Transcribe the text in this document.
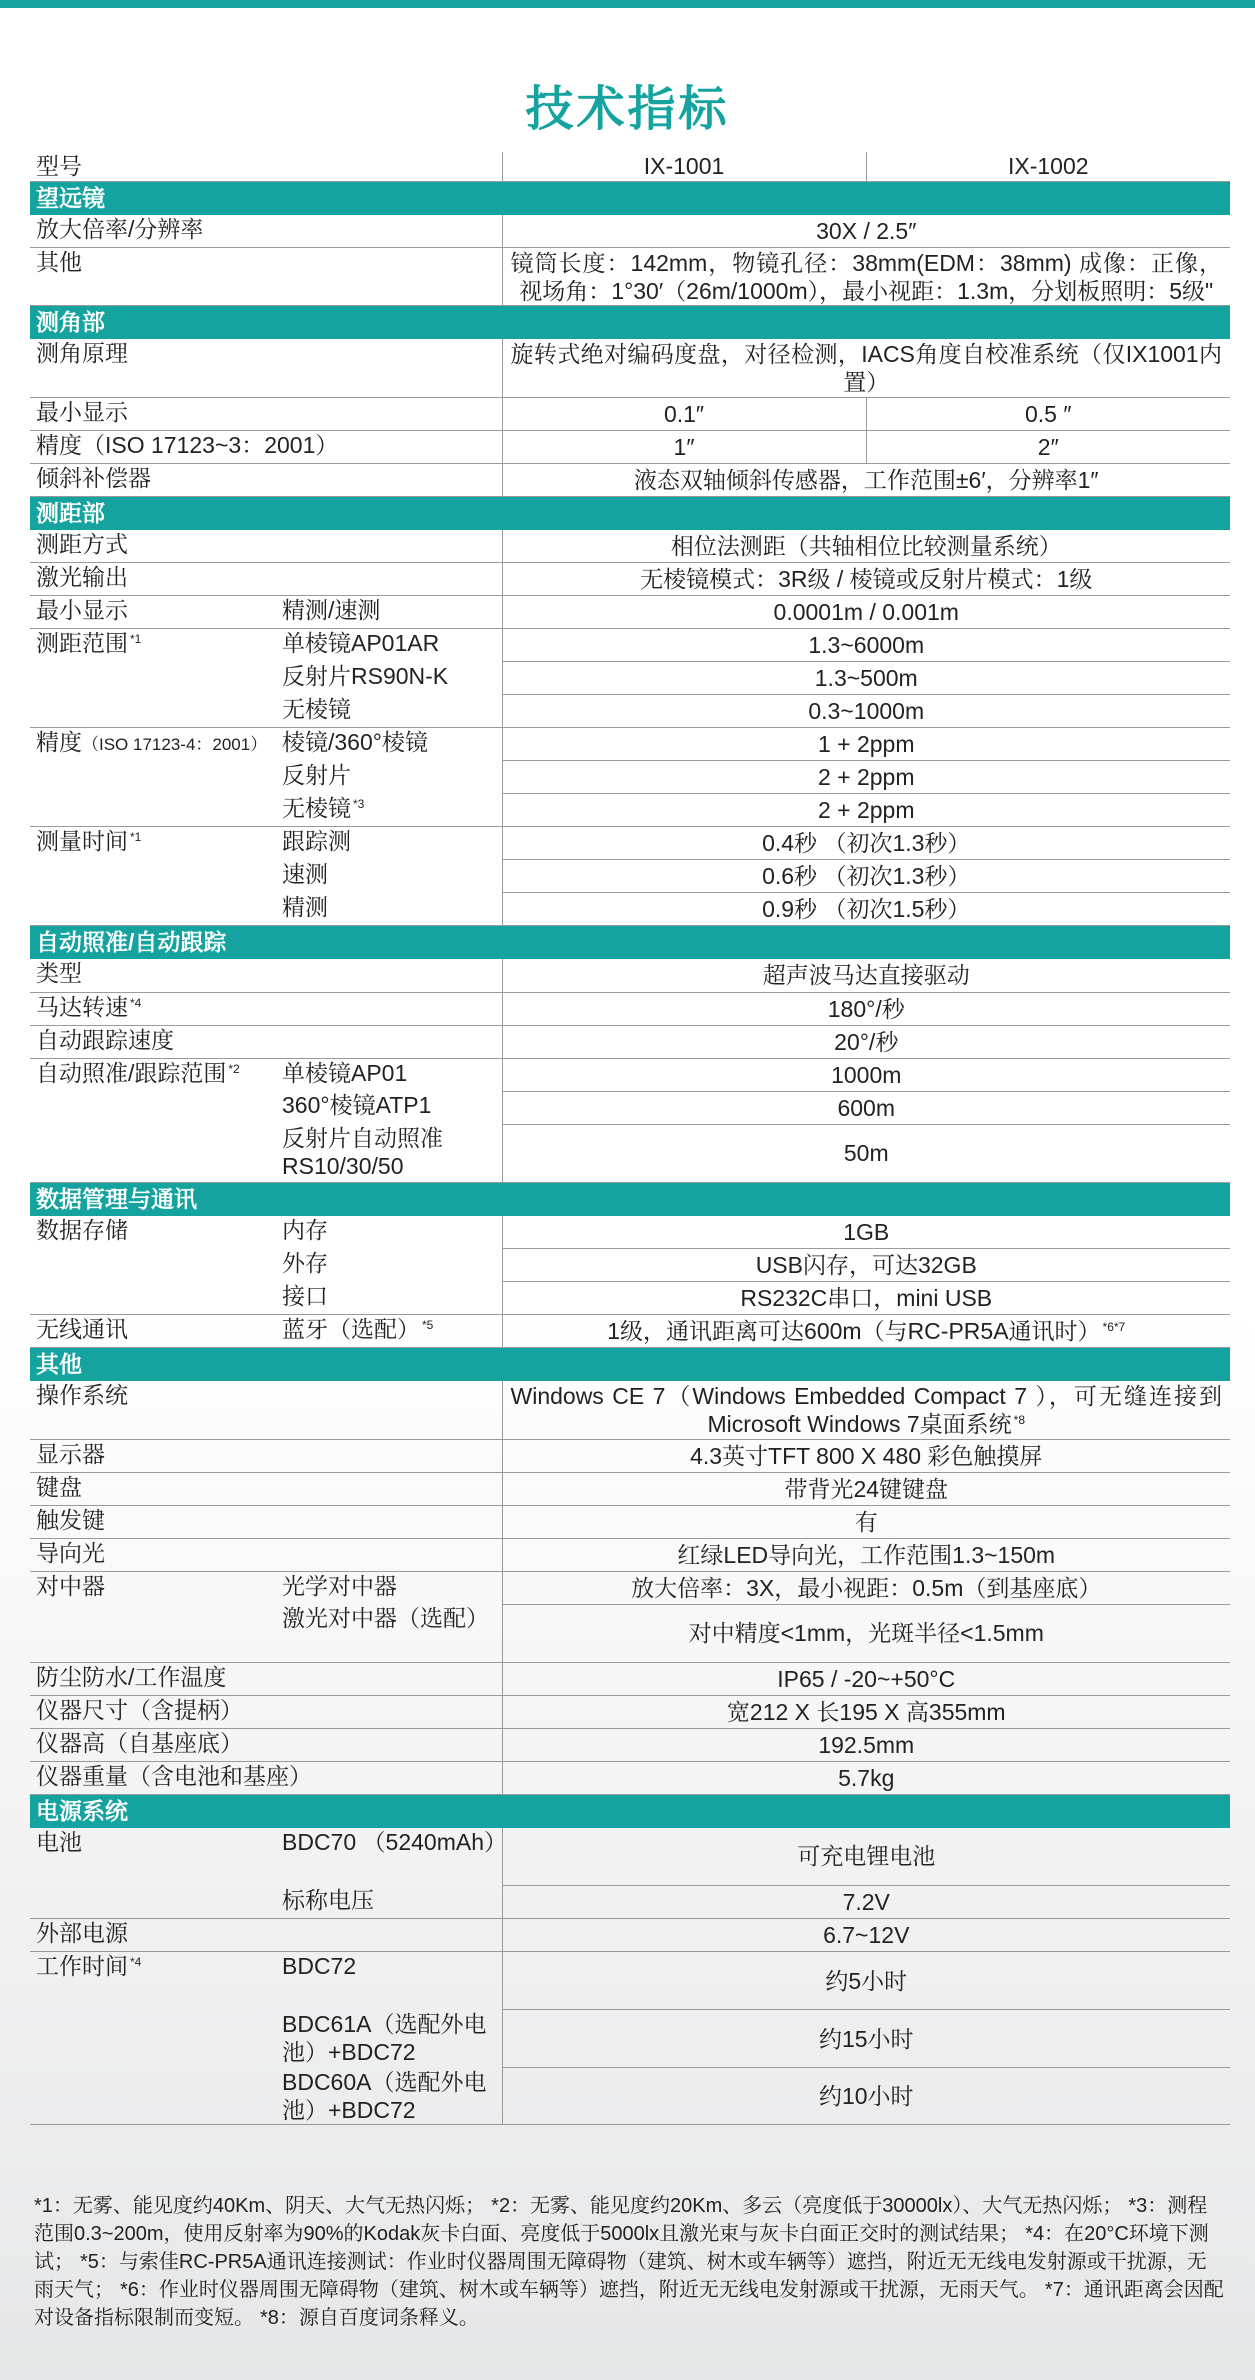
技术指标
型号		IX-1001	IX-1002
望远镜			
放大倍率/分辨率		30X / 2.5″	
其他		镜筒长度：142mm，物镜孔径：38mm(EDM：38mm) 成像：正像，视场角：1°30′（26m/1000m），最小视距：1.3m，分划板照明：5级"	
测角部			
测角原理		旋转式绝对编码度盘，对径检测，IACS角度自校准系统（仅IX1001内置）	
最小显示		0.1″	0.5 ″
精度（ISO 17123~3：2001）		1″	2″
倾斜补偿器		液态双轴倾斜传感器，工作范围±6′，分辨率1″	
测距部			
测距方式		相位法测距（共轴相位比较测量系统）	
激光输出		无棱镜模式：3R级 / 棱镜或反射片模式：1级	
最小显示	精测/速测	0.0001m / 0.001m	
测距范围 $^{*1}$	单棱镜AP01AR	1.3~6000m	
	反射片RS90N-K	1.3~500m	
	无棱镜	0.3~1000m	
精度（ISO 17123-4：2001）	棱镜/360°棱镜	1 + 2ppm	
	反射片	2 + 2ppm	
	无棱镜 $^{*3}$	2 + 2ppm	
测量时间 $^{*1}$	跟踪测	0.4秒 （初次1.3秒）	
	速测	0.6秒 （初次1.3秒）	
	精测	0.9秒 （初次1.5秒）	
自动照准/自动跟踪			
类型		超声波马达直接驱动	
马达转速 $^{*4}$		180°/秒	
自动跟踪速度		20°/秒	
自动照准/跟踪范围 $^{*2}$	单棱镜AP01	1000m	
	360°棱镜ATP1	600m	
	反射片自动照准RS10/30/50	50m	
数据管理与通讯			
数据存储	内存	1GB	
	外存	USB闪存，可达32GB	
	接口	RS232C串口，mini USB	
无线通讯	蓝牙（选配） $^{*5}$	1级，通讯距离可达600m（与RC-PR5A通讯时） $^{*6*7}$
其他			
操作系统		Windows CE 7（Windows Embedded Compact 7 ），可无缝连接到 Microsoft Windows 7桌面系统 $^{*8}$
显示器		4.3英寸TFT 800 X 480 彩色触摸屏	
键盘		带背光24键键盘	
触发键		有	
导向光		红绿LED导向光，工作范围1.3~150m	
对中器	光学对中器	放大倍率：3X，最小视距：0.5m（到基座底）	
	激光对中器（选配）	对中精度<1mm，光斑半径<1.5mm	
防尘防水/工作温度		IP65 / -20~+50°C	
仪器尺寸（含提柄）		宽212 X 长195 X 高355mm	
仪器高（自基座底）		192.5mm	
仪器重量（含电池和基座）		5.7kg	
电源系统			
电池	BDC70 （5240mAh）	可充电锂电池	
	标称电压	7.2V	
外部电源		6.7~12V	
工作时间 $^{*4}$	BDC72	约5小时	
	BDC61A（选配外电池）+BDC72	约15小时	
	BDC60A（选配外电池）+BDC72	约10小时	
*1：无雾、能见度约40Km、阴天、大气无热闪烁； *2：无雾、能见度约20Km、多云（亮度低于30000lx）、大气无热闪烁； *3：测程范围0.3~200m，使用反射率为90%的Kodak灰卡白面、亮度低于5000lx且激光束与灰卡白面正交时的测试结果； *4：在20°C环境下测试； *5：与索佳RC-PR5A通讯连接测试：作业时仪器周围无障碍物（建筑、树木或车辆等）遮挡，附近无无线电发射源或干扰源，无雨天气； *6：作业时仪器周围无障碍物（建筑、树木或车辆等）遮挡，附近无无线电发射源或干扰源，无雨天气。 *7：通讯距离会因配对设备指标限制而变短。 *8：源自百度词条释义。
